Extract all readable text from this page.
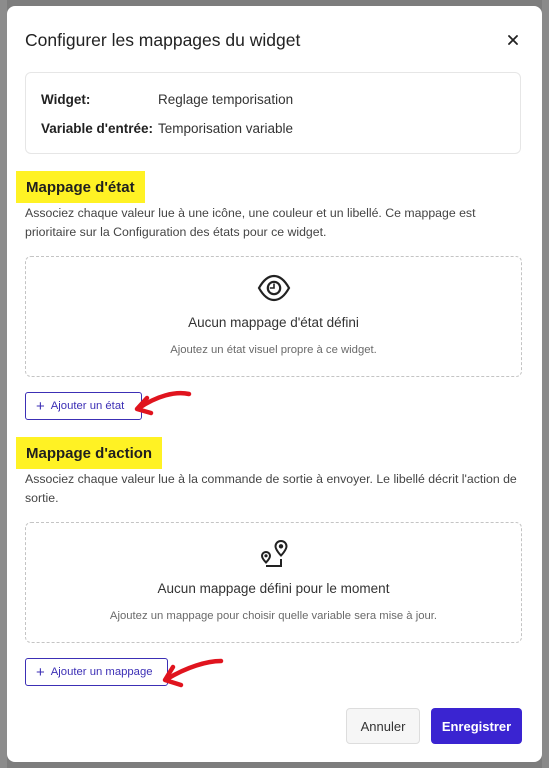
Configurer les mappages du widget
Widget:	Reglage temporisation
Variable d'entrée: Temporisation variable
Mappage d'état
Associez chaque valeur lue à une icône, une couleur et un libellé. Ce mappage est prioritaire sur la Configuration des états pour ce widget.
Aucun mappage d'état défini
Ajoutez un état visuel propre à ce widget.
+ Ajouter un état
Mappage d'action
Associez chaque valeur lue à la commande de sortie à envoyer. Le libellé décrit l'action de sortie.
Aucun mappage défini pour le moment
Ajoutez un mappage pour choisir quelle variable sera mise à jour.
+ Ajouter un mappage
Annuler	Enregistrer
